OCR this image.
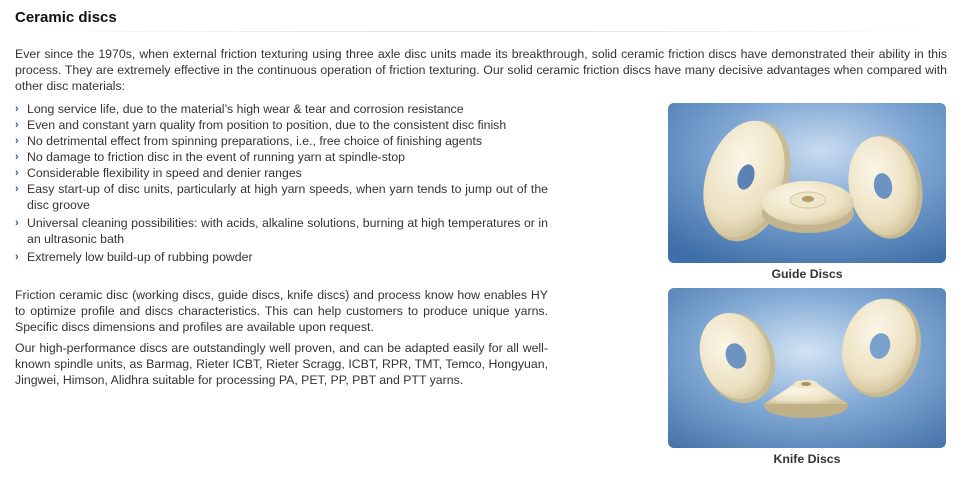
Ceramic discs

Ever since the 1970s, when external friction texturing using three axle disc units made its breakthrough, solid ceramic friction discs have demonstrated their ability in this process. They are extremely effective in the continuous operation of friction texturing. Our solid ceramic friction discs have many decisive advantages when compared with other disc materials:

› Long service life, due to the material’s high wear & tear and corrosion resistance
› Even and constant yarn quality from position to position, due to the consistent disc finish
› No detrimental effect from spinning preparations, i.e., free choice of finishing agents
› No damage to friction disc in the event of running yarn at spindle-stop
› Considerable flexibility in speed and denier ranges
› Easy start-up of disc units, particularly at high yarn speeds, when yarn tends to jump out of the disc groove
› Universal cleaning possibilities: with acids, alkaline solutions, burning at high temperatures or in an ultrasonic bath
› Extremely low build-up of rubbing powder

Friction ceramic disc (working discs, guide discs, knife discs) and process know how enables HY to optimize profile and discs characteristics. This can help customers to produce unique yarns. Specific discs dimensions and profiles are available upon request.

Our high-performance discs are outstandingly well proven, and can be adapted easily for all well-known spindle units, as Barmag, Rieter ICBT, Rieter Scragg, ICBT, RPR, TMT, Temco, Hongyuan, Jingwei, Himson, Alidhra suitable for processing PA, PET, PP, PBT and PTT yarns.

Guide Discs
Knife Discs
